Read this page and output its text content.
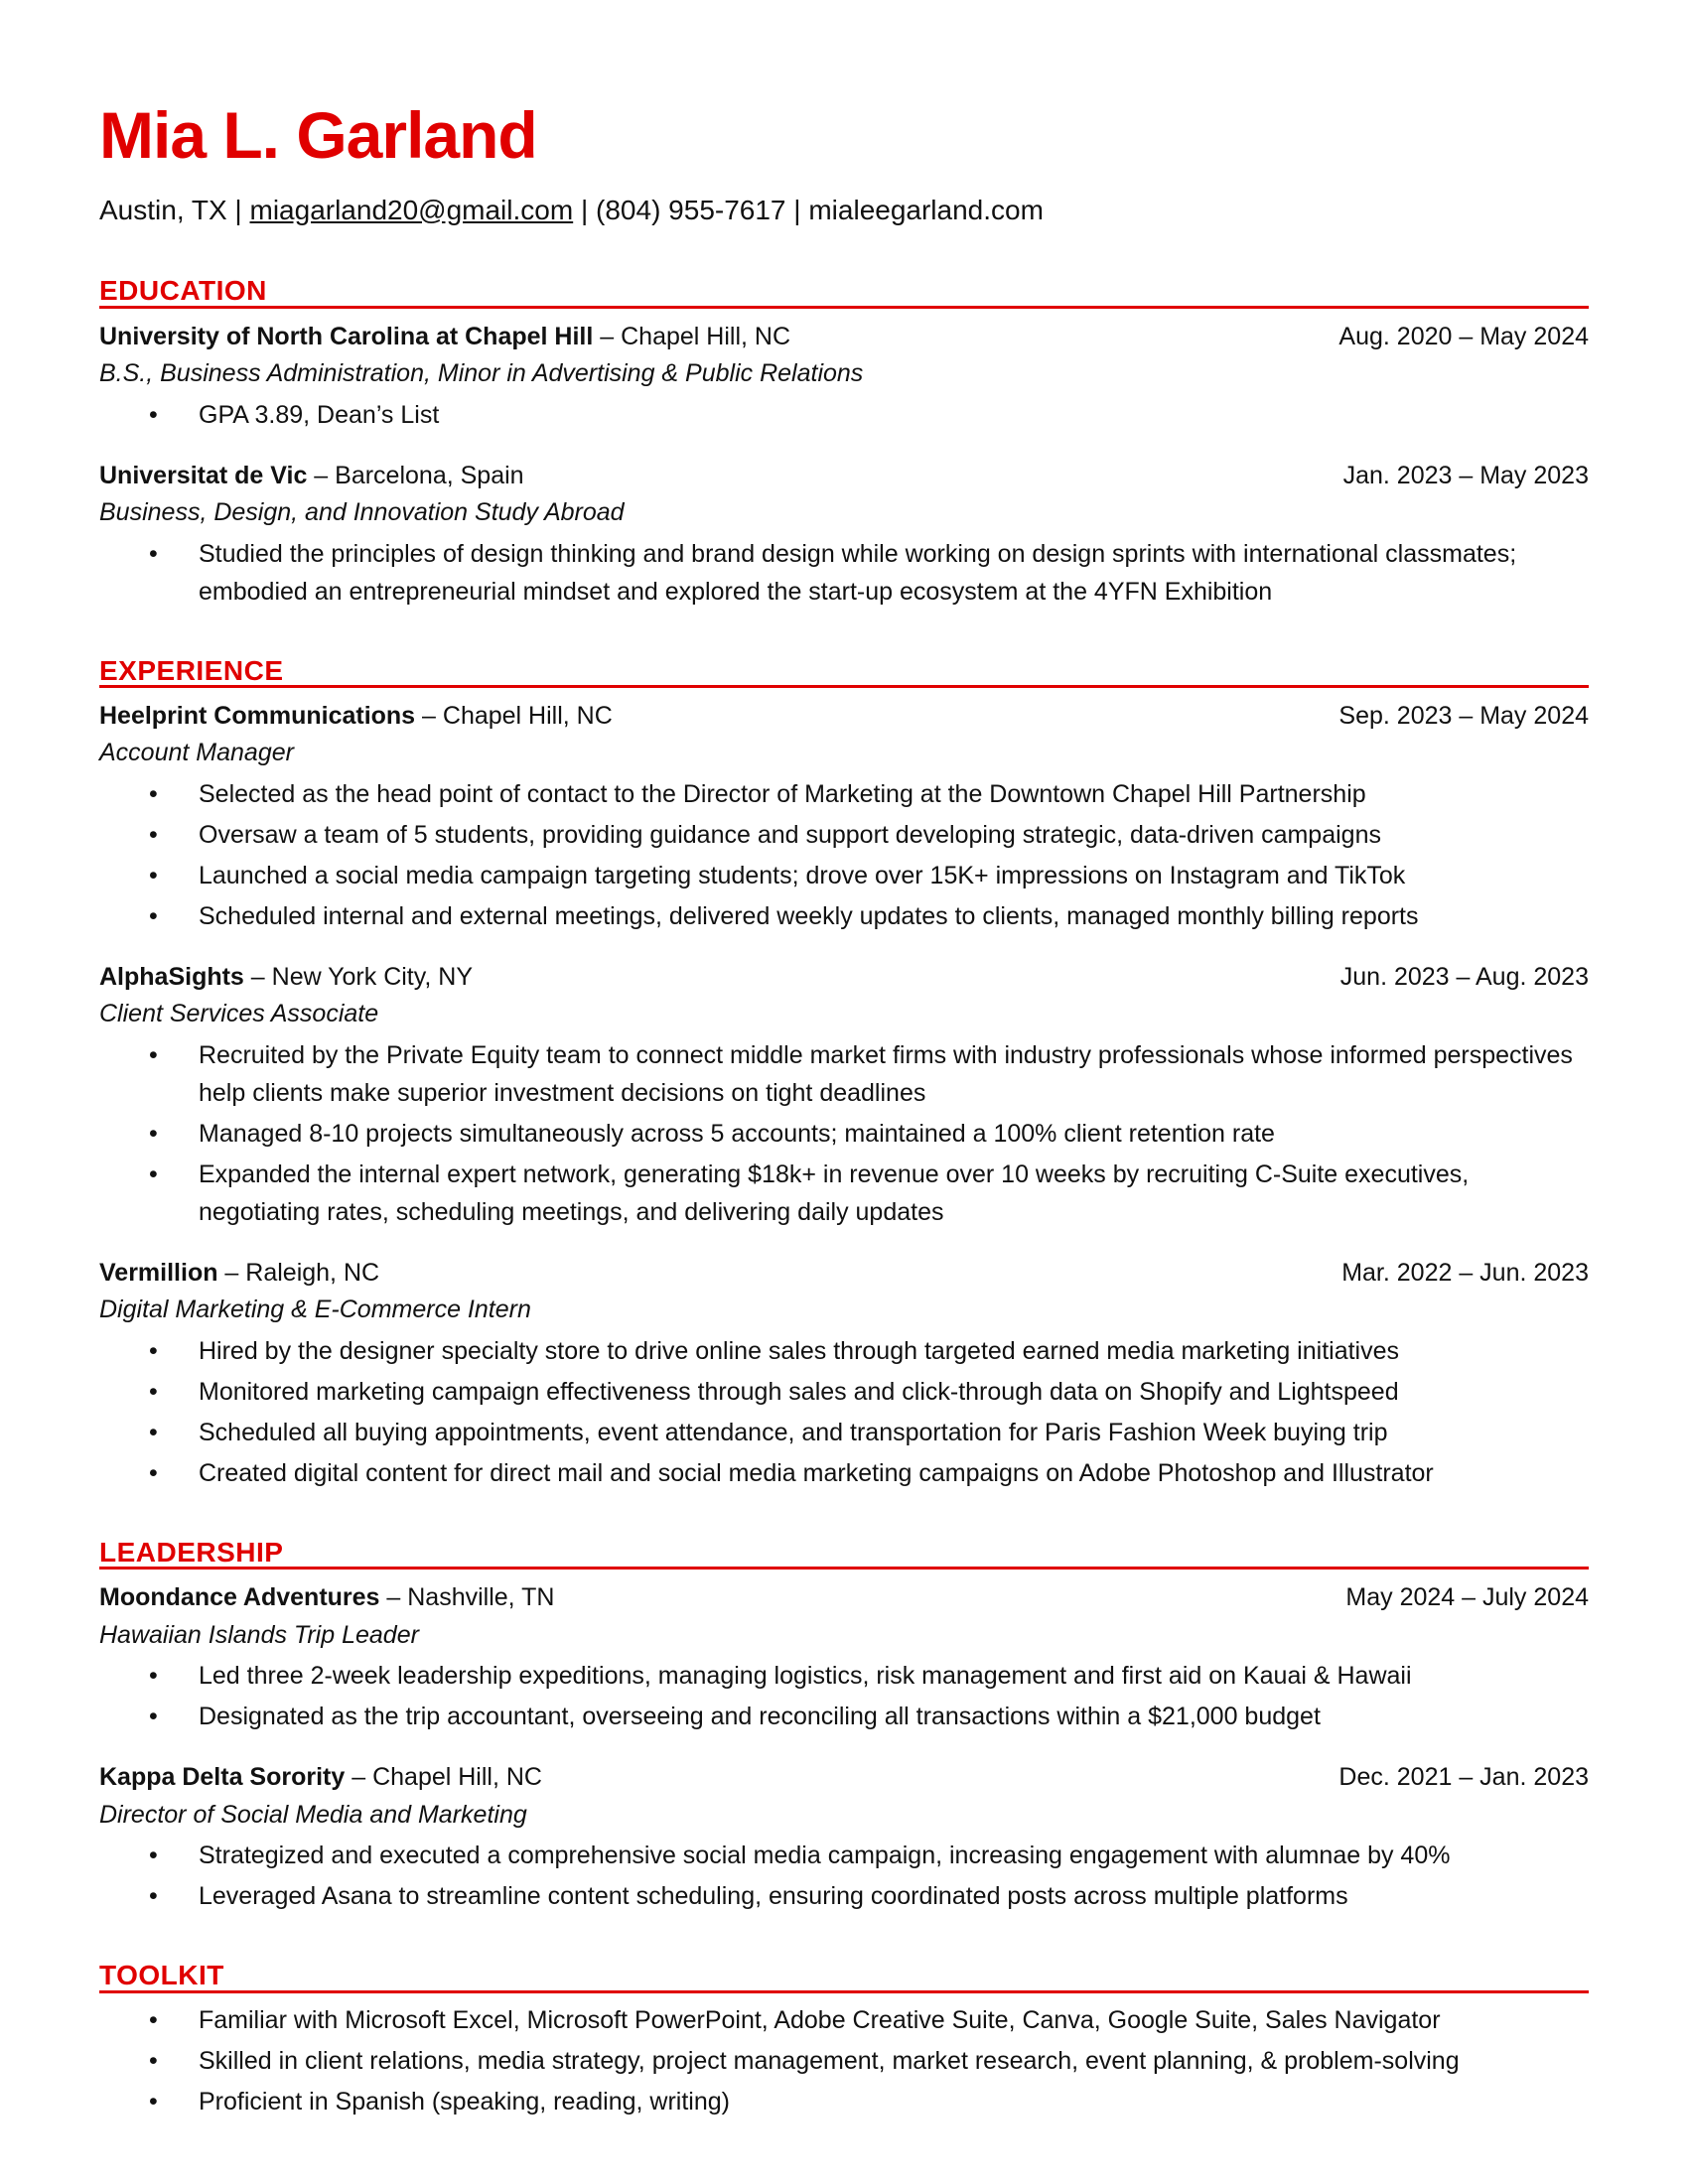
Mia L. Garland
Austin, TX | miagarland20@gmail.com | (804) 955-7617 | mialeegarland.com
EDUCATION
University of North Carolina at Chapel Hill – Chapel Hill, NC	Aug. 2020 – May 2024
B.S., Business Administration, Minor in Advertising & Public Relations
• GPA 3.89, Dean’s List
Universitat de Vic – Barcelona, Spain	Jan. 2023 – May 2023
Business, Design, and Innovation Study Abroad
• Studied the principles of design thinking and brand design while working on design sprints with international classmates; embodied an entrepreneurial mindset and explored the start-up ecosystem at the 4YFN Exhibition
EXPERIENCE
Heelprint Communications – Chapel Hill, NC	Sep. 2023 – May 2024
Account Manager
• Selected as the head point of contact to the Director of Marketing at the Downtown Chapel Hill Partnership
• Oversaw a team of 5 students, providing guidance and support developing strategic, data-driven campaigns
• Launched a social media campaign targeting students; drove over 15K+ impressions on Instagram and TikTok
• Scheduled internal and external meetings, delivered weekly updates to clients, managed monthly billing reports
AlphaSights – New York City, NY	Jun. 2023 – Aug. 2023
Client Services Associate
• Recruited by the Private Equity team to connect middle market firms with industry professionals whose informed perspectives help clients make superior investment decisions on tight deadlines
• Managed 8-10 projects simultaneously across 5 accounts; maintained a 100% client retention rate
• Expanded the internal expert network, generating $18k+ in revenue over 10 weeks by recruiting C-Suite executives, negotiating rates, scheduling meetings, and delivering daily updates
Vermillion – Raleigh, NC	Mar. 2022 – Jun. 2023
Digital Marketing & E-Commerce Intern
• Hired by the designer specialty store to drive online sales through targeted earned media marketing initiatives
• Monitored marketing campaign effectiveness through sales and click-through data on Shopify and Lightspeed
• Scheduled all buying appointments, event attendance, and transportation for Paris Fashion Week buying trip
• Created digital content for direct mail and social media marketing campaigns on Adobe Photoshop and Illustrator
LEADERSHIP
Moondance Adventures – Nashville, TN	May 2024 – July 2024
Hawaiian Islands Trip Leader
• Led three 2-week leadership expeditions, managing logistics, risk management and first aid on Kauai & Hawaii
• Designated as the trip accountant, overseeing and reconciling all transactions within a $21,000 budget
Kappa Delta Sorority – Chapel Hill, NC	Dec. 2021 – Jan. 2023
Director of Social Media and Marketing
• Strategized and executed a comprehensive social media campaign, increasing engagement with alumnae by 40%
• Leveraged Asana to streamline content scheduling, ensuring coordinated posts across multiple platforms
TOOLKIT
• Familiar with Microsoft Excel, Microsoft PowerPoint, Adobe Creative Suite, Canva, Google Suite, Sales Navigator
• Skilled in client relations, media strategy, project management, market research, event planning, & problem-solving
• Proficient in Spanish (speaking, reading, writing)
